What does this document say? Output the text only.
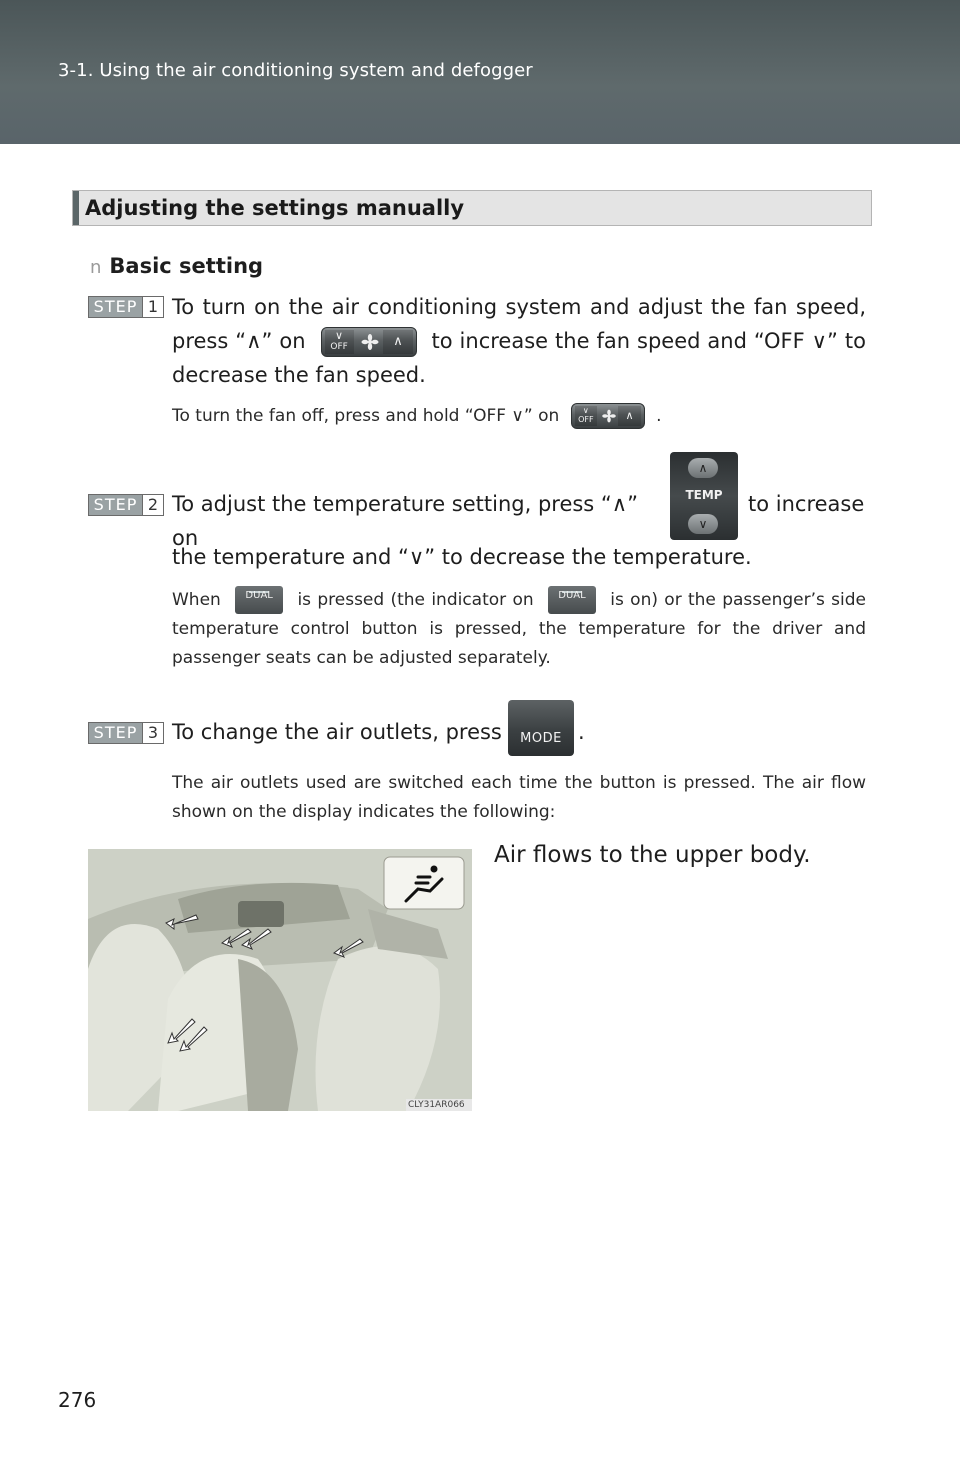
3-1. Using the air conditioning system and defogger
Adjusting the settings manually
n Basic setting
STEP 1 To turn on the air conditioning system and adjust the fan speed, press “∧” on	∨
OFF	∧	to increase the fan speed and “OFF ∨” to decrease the fan speed.
To turn the fan off, press and hold “OFF ∨” on	∨
OFF	∧	.
STEP 2 To adjust the temperature setting, press “∧” on
∧
TEMP
∨
to increase
the temperature and “∨” to decrease the temperature.
When	DUAL	is pressed (the indicator on	DUAL	is on) or the passenger’s side temperature control button is pressed, the temperature for the driver and passenger seats can be adjusted separately.
STEP 3 To change the air outlets, press	MODE .
The air outlets used are switched each time the button is pressed. The air flow shown on the display indicates the following:
CLY31AR066
Air flows to the upper body.
276
